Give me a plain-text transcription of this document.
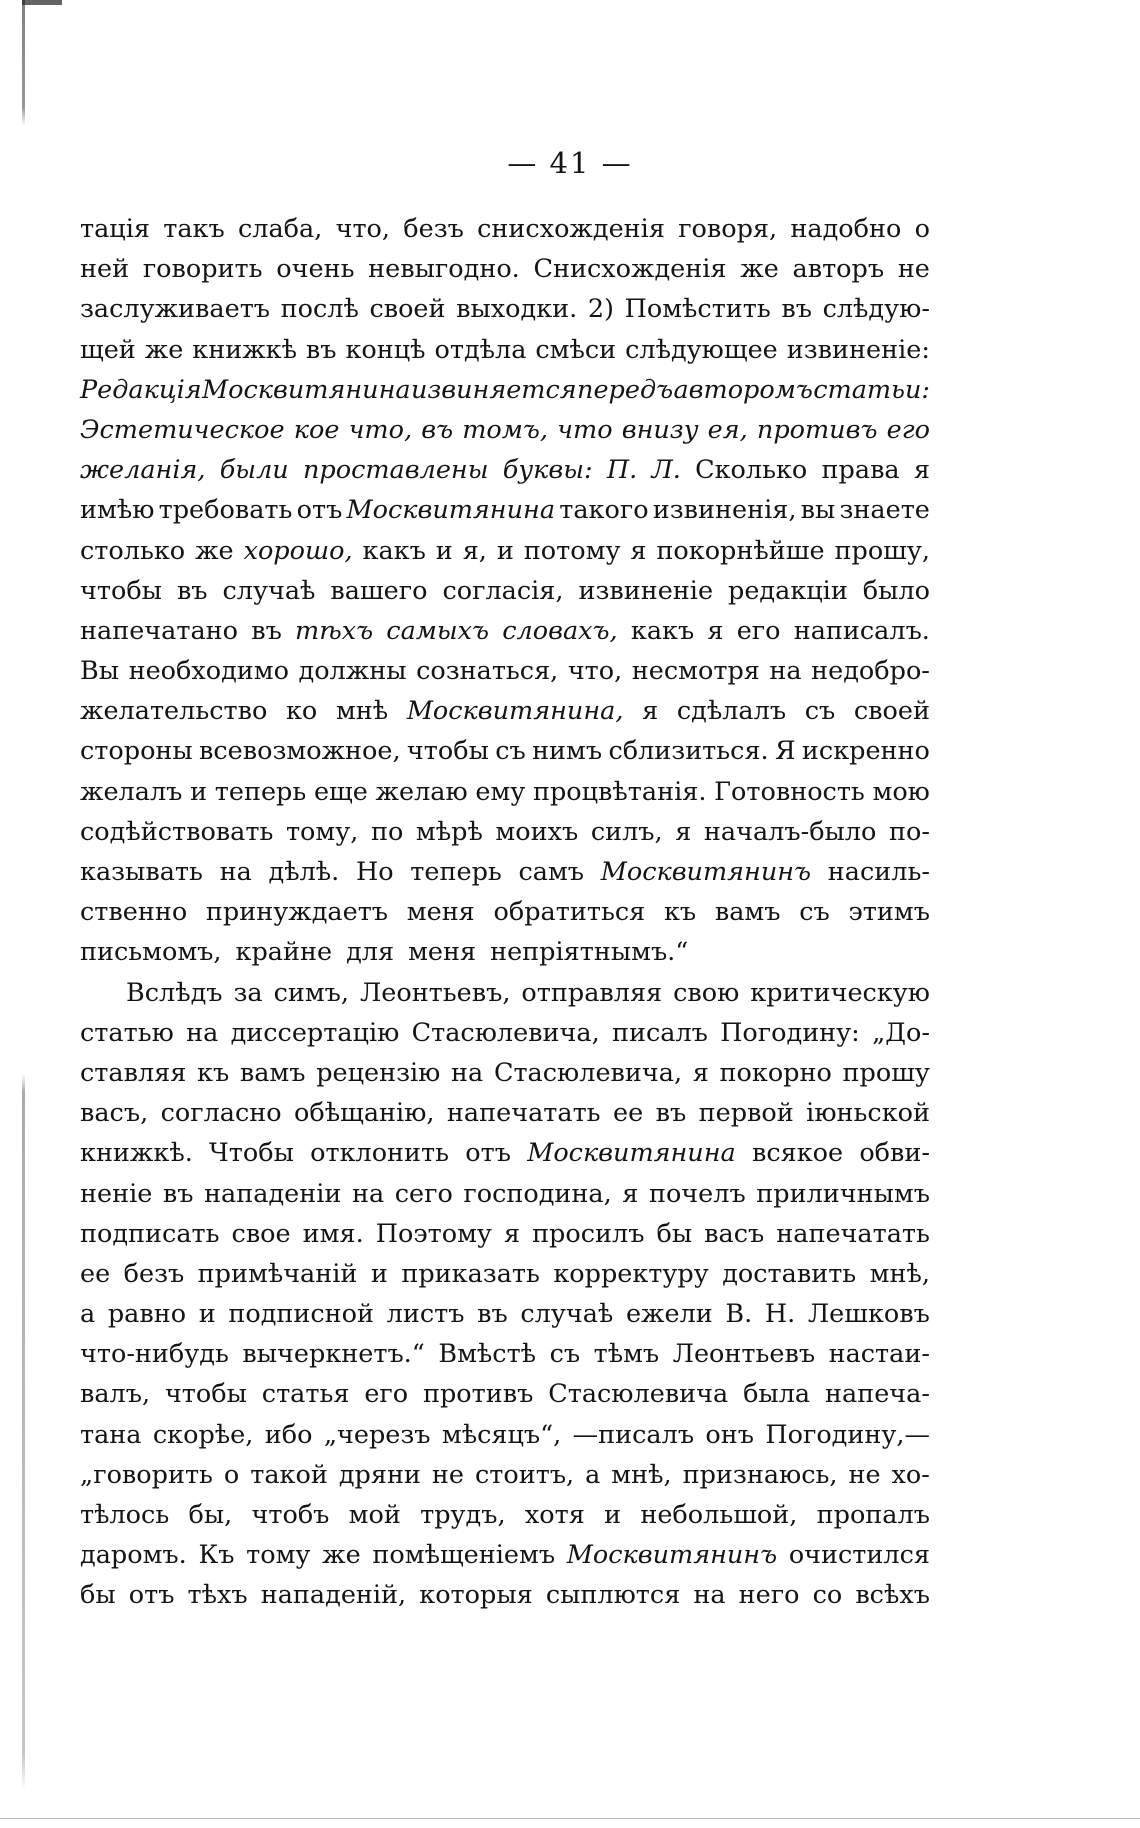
— 41 —
тація такъ слаба, что, безъ снисхожденія говоря, надобно о
ней говорить очень невыгодно. Снисхожденія же авторъ не
заслуживаетъ послѣ своей выходки. 2) Помѣстить въ слѣдую-
щей же книжкѣ въ концѣ отдѣла смѣси слѣдующее извиненіе:
Редакція Москвитянина извиняется передъ авторомъ статьи:
Эстетическое кое что, въ томъ, что внизу ея, противъ его
желанія, были проставлены буквы: П. Л. Сколько права я
имѣю требовать отъ Москвитянина такого извиненія, вы знаете
столько же хорошо, какъ и я, и потому я покорнѣйше прошу,
чтобы въ случаѣ вашего согласія, извиненіе редакціи было
напечатано въ тѣхъ самыхъ словахъ, какъ я его написалъ.
Вы необходимо должны сознаться, что, несмотря на недобро-
желательство ко мнѣ Москвитянина, я сдѣлалъ съ своей
стороны всевозможное, чтобы съ нимъ сблизиться. Я искренно
желалъ и теперь еще желаю ему процвѣтанія. Готовность мою
содѣйствовать тому, по мѣрѣ моихъ силъ, я началъ-было по-
казывать на дѣлѣ. Но теперь самъ Москвитянинъ насиль-
ственно принуждаетъ меня обратиться къ вамъ съ этимъ
письмомъ, крайне для меня непріятнымъ.“
Вслѣдъ за симъ, Леонтьевъ, отправляя свою критическую
статью на диссертацію Стасюлевича, писалъ Погодину: „До-
ставляя къ вамъ рецензію на Стасюлевича, я покорно прошу
васъ, согласно обѣщанію, напечатать ее въ первой іюньской
книжкѣ. Чтобы отклонить отъ Москвитянина всякое обви-
неніе въ нападеніи на сего господина, я почелъ приличнымъ
подписать свое имя. Поэтому я просилъ бы васъ напечатать
ее безъ примѣчаній и приказать корректуру доставить мнѣ,
а равно и подписной листъ въ случаѣ ежели В. Н. Лешковъ
что-нибудь вычеркнетъ.“ Вмѣстѣ съ тѣмъ Леонтьевъ настаи-
валъ, чтобы статья его противъ Стасюлевича была напеча-
тана скорѣе, ибо „черезъ мѣсяцъ“, —писалъ онъ Погодину,—
„говорить о такой дряни не стоитъ, а мнѣ, признаюсь, не хо-
тѣлось бы, чтобъ мой трудъ, хотя и небольшой, пропалъ
даромъ. Къ тому же помѣщеніемъ Москвитянинъ очистился
бы отъ тѣхъ нападеній, которыя сыплются на него со всѣхъ
